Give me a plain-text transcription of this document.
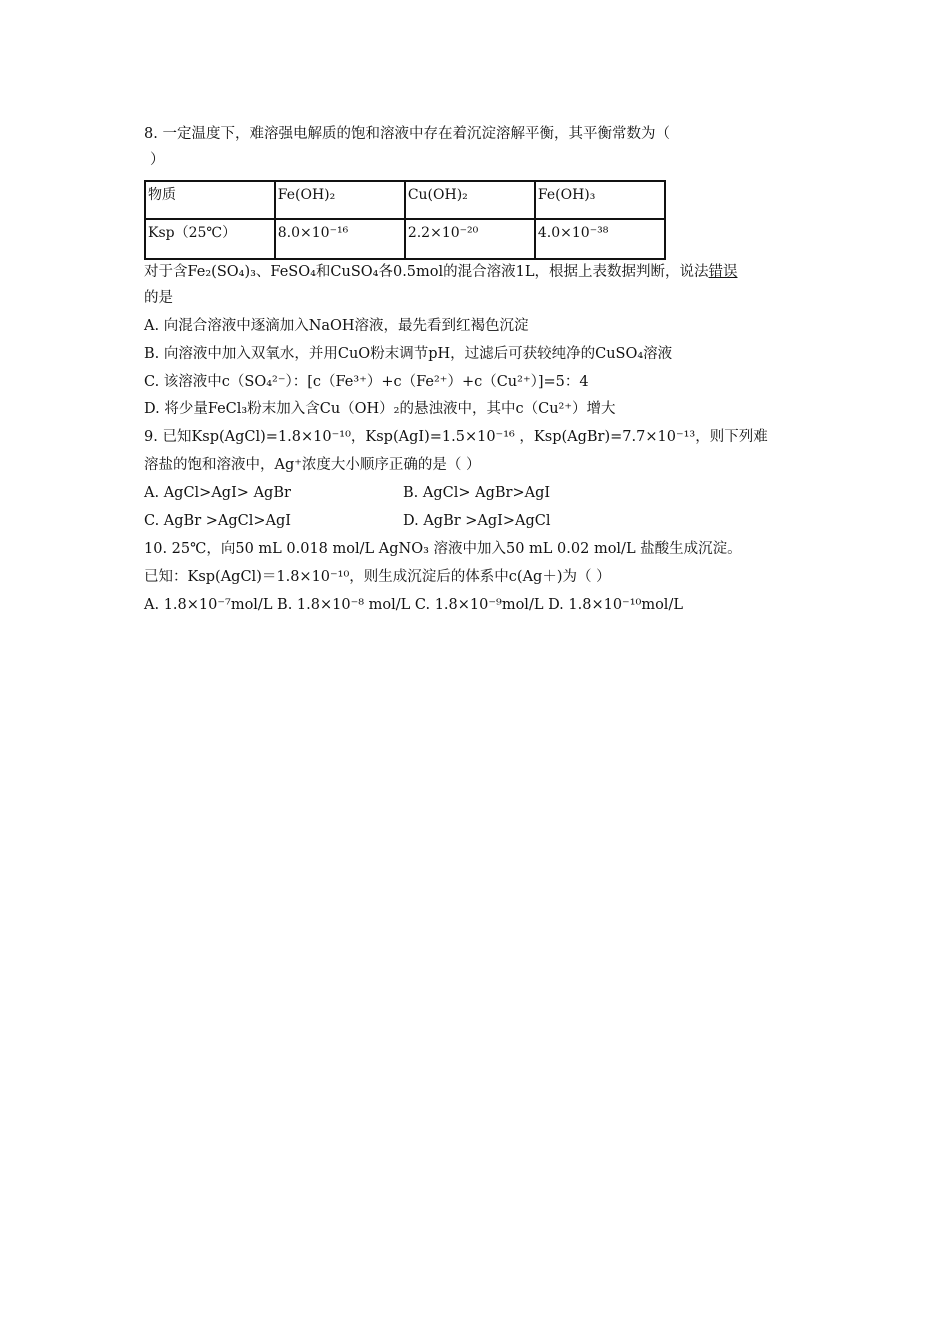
8. 一定温度下，难溶强电解质的饱和溶液中存在着沉淀溶解平衡，其平衡常数为（
）
物质	Fe(OH)₂	Cu(OH)₂	Fe(OH)₃
Ksp（25℃）	8.0×10⁻¹⁶	2.2×10⁻²⁰	4.0×10⁻³⁸
对于含Fe₂(SO₄)₃、FeSO₄和CuSO₄各0.5mol的混合溶液1L，根据上表数据判断，说法错误
的是
A. 向混合溶液中逐滴加入NaOH溶液，最先看到红褐色沉淀
B. 向溶液中加入双氧水，并用CuO粉末调节pH，过滤后可获较纯净的CuSO₄溶液
C. 该溶液中c（SO₄²⁻）：[c（Fe³⁺）+c（Fe²⁺）+c（Cu²⁺）]=5：4
D. 将少量FeCl₃粉末加入含Cu（OH）₂的悬浊液中，其中c（Cu²⁺）增大
9. 已知Ksp(AgCl)=1.8×10⁻¹⁰，Ksp(AgI)=1.5×10⁻¹⁶ ，Ksp(AgBr)=7.7×10⁻¹³，则下列难
溶盐的饱和溶液中，Ag⁺浓度大小顺序正确的是（ ）
A. AgCl>AgI> AgBr	B. AgCl> AgBr>AgI
C. AgBr >AgCl>AgI	D. AgBr >AgI>AgCl
10. 25℃，向50 mL 0.018 mol/L AgNO₃ 溶液中加入50 mL 0.02 mol/L 盐酸生成沉淀。
已知：Ksp(AgCl)＝1.8×10⁻¹⁰，则生成沉淀后的体系中c(Ag＋)为（ ）
A. 1.8×10⁻⁷mol/L B. 1.8×10⁻⁸ mol/L C. 1.8×10⁻⁹mol/L D. 1.8×10⁻¹⁰mol/L
